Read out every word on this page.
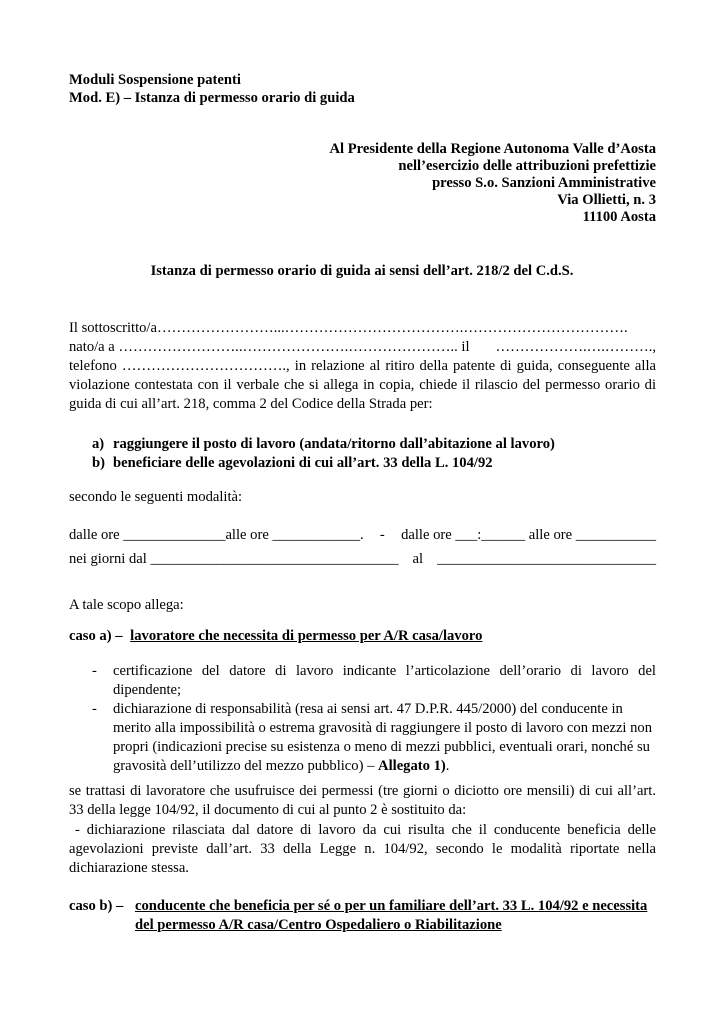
Moduli Sospensione patenti
Mod. E) – Istanza di permesso orario di guida
Al Presidente della Regione Autonoma Valle d’Aosta
nell’esercizio delle attribuzioni prefettizie
presso S.o. Sanzioni Amministrative
Via Ollietti, n. 3
11100 Aosta
Istanza di permesso orario di guida ai sensi dell’art. 218/2 del C.d.S.
Il sottoscritto/a……………………...……………………………….…………………………….
nato/a a ……………………..………………….………………….. il ……………….….……….,
telefono ……………………………., in relazione al ritiro della patente di guida, conseguente alla violazione contestata con il verbale che si allega in copia, chiede il rilascio del permesso orario di guida di cui all’art. 218, comma 2 del Codice della Strada per:
a) raggiungere il posto di lavoro (andata/ritorno dall’abitazione al lavoro)

b) beneficiare delle agevolazioni di cui all’art. 33 della L. 104/92

secondo le seguenti modalità:
dalle ore ______________alle ore ____________. - dalle ore ___:______ alle ore ___________
nei giorni dal __________________________________ al ______________________________
A tale scopo allega:
caso a) – lavoratore che necessita di permesso per A/R casa/lavoro
- certificazione del datore di lavoro indicante l’articolazione dell’orario di lavoro del dipendente;

- dichiarazione di responsabilità (resa ai sensi art. 47 D.P.R. 445/2000) del conducente in merito alla impossibilità o estrema gravosità di raggiungere il posto di lavoro con mezzi non propri (indicazioni precise su esistenza o meno di mezzi pubblici, eventuali orari, nonché su gravosità dell’utilizzo del mezzo pubblico) – Allegato 1).

se trattasi di lavoratore che usufruisce dei permessi (tre giorni o diciotto ore mensili) di cui all’art. 33 della legge 104/92, il documento di cui al punto 2 è sostituito da:
- dichiarazione rilasciata dal datore di lavoro da cui risulta che il conducente beneficia delle agevolazioni previste dall’art. 33 della Legge n. 104/92, secondo le modalità riportate nella dichiarazione stessa.
caso b) – conducente che beneficia per sé o per un familiare dell’art. 33 L. 104/92 e necessita
del permesso A/R casa/Centro Ospedaliero o Riabilitazione
